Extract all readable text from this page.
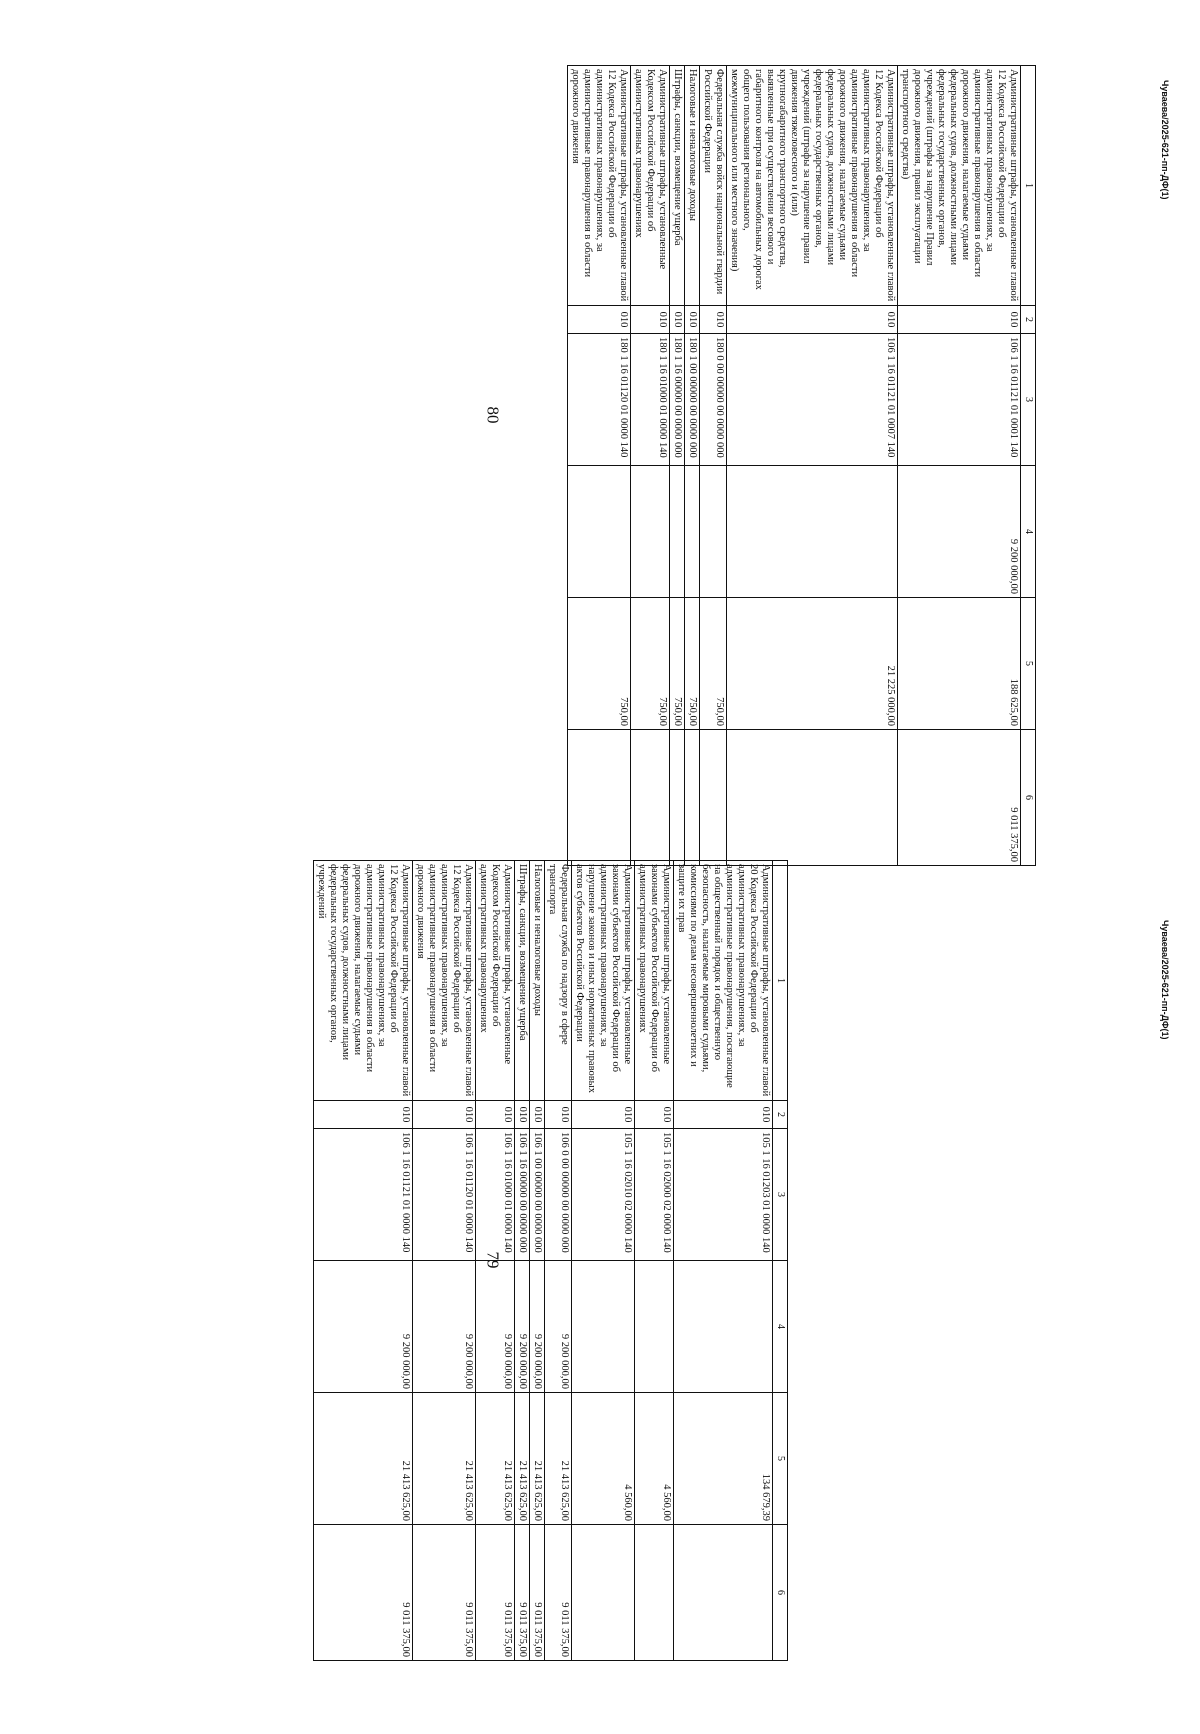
79
1	2	3	4	5	6
Административные штрафы, установленные главой 20 Кодекса Российской Федерации об административных правонарушениях, за административные правонарушения, посягающие на общественный порядок и общественную безопасность, налагаемые мировыми судьями, комиссиями по делам несовершеннолетних и защите их прав	010	105 1 16 01203 01 0000 140		134 679,39	
Административные штрафы, установленные законами субъектов Российской Федерации об административных правонарушениях	010	105 1 16 02000 02 0000 140		4 560,00	
Административные штрафы, установленные законами субъектов Российской Федерации об административных правонарушениях, за нарушение законов и иных нормативных правовых актов субъектов Российской Федерации	010	105 1 16 02010 02 0000 140		4 560,00	
Федеральная служба по надзору в сфере транспорта	010	106 0 00 00000 00 0000 000	9 200 000,00	21 413 625,00	9 011 375,00
Налоговые и неналоговые доходы	010	106 1 00 00000 00 0000 000	9 200 000,00	21 413 625,00	9 011 375,00
Штрафы, санкции, возмещение ущерба	010	106 1 16 00000 00 0000 000	9 200 000,00	21 413 625,00	9 011 375,00
Административные штрафы, установленные Кодексом Российской Федерации об административных правонарушениях	010	106 1 16 01000 01 0000 140	9 200 000,00	21 413 625,00	9 011 375,00
Административные штрафы, установленные главой 12 Кодекса Российской Федерации об административных правонарушениях, за административные правонарушения в области дорожного движения	010	106 1 16 01120 01 0000 140	9 200 000,00	21 413 625,00	9 011 375,00
Административные штрафы, установленные главой 12 Кодекса Российской Федерации об административных правонарушениях, за административные правонарушения в области дорожного движения, налагаемые судьями федеральных судов, должностными лицами федеральных государственных органов, учреждений	010	106 1 16 01121 01 0000 140	9 200 000,00	21 413 625,00	9 011 375,00
Чуваева/2025-621-пп-ДФ(1)
80
1	2	3	4	5	6
Административные штрафы, установленные главой 12 Кодекса Российской Федерации об административных правонарушениях, за административные правонарушения в области дорожного движения, налагаемые судьями федеральных судов, должностными лицами федеральных государственных органов, учреждений (штрафы за нарушение Правил дорожного движения, правил эксплуатации транспортного средства)	010	106 1 16 01121 01 0001 140	9 200 000,00	188 625,00	9 011 375,00
Административные штрафы, установленные главой 12 Кодекса Российской Федерации об административных правонарушениях, за административные правонарушения в области дорожного движения, налагаемые судьями федеральных судов, должностными лицами федеральных государственных органов, учреждений (штрафы за нарушение правил движения тяжеловесного и (или) крупногабаритного транспортного средства, выявленные при осуществлении весового и габаритного контроля на автомобильных дорогах общего пользования регионального, межмуниципального или местного значения)	010	106 1 16 01121 01 0007 140		21 225 000,00	
Федеральная служба войск национальной гвардии Российской Федерации	010	180 0 00 00000 00 0000 000		750,00	
Налоговые и неналоговые доходы	010	180 1 00 00000 00 0000 000		750,00	
Штрафы, санкции, возмещение ущерба	010	180 1 16 00000 00 0000 000		750,00	
Административные штрафы, установленные Кодексом Российской Федерации об административных правонарушениях	010	180 1 16 01000 01 0000 140		750,00	
Административные штрафы, установленные главой 12 Кодекса Российской Федерации об административных правонарушениях, за административные правонарушения в области дорожного движения	010	180 1 16 01120 01 0000 140		750,00	
Чуваева/2025-621-пп-ДФ(1)
